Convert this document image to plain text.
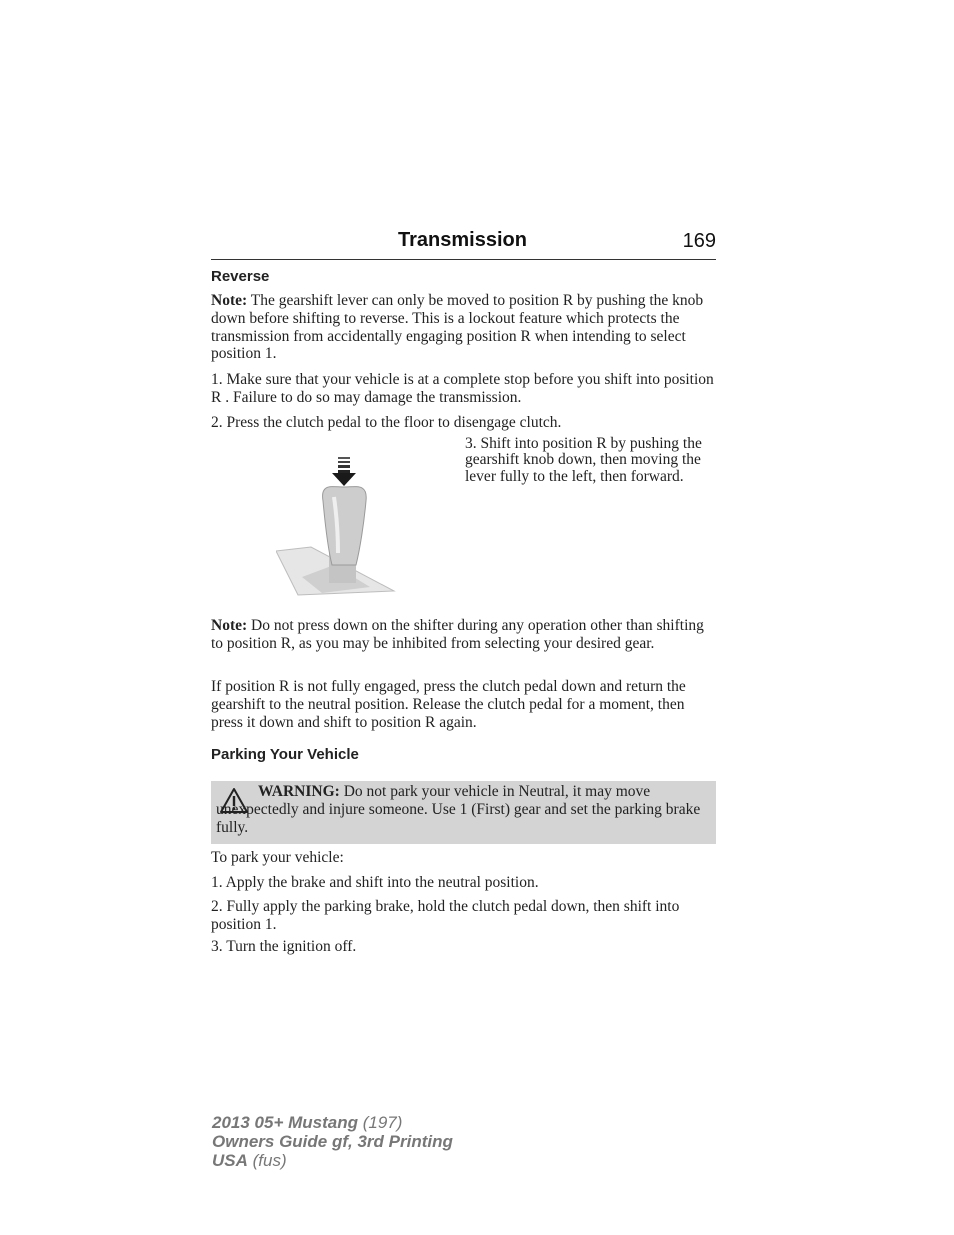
Transmission	169
Reverse
Note: The gearshift lever can only be moved to position R by pushing the knob down before shifting to reverse. This is a lockout feature which protects the transmission from accidentally engaging position R when intending to select position 1.
1. Make sure that your vehicle is at a complete stop before you shift into position R . Failure to do so may damage the transmission.
2. Press the clutch pedal to the floor to disengage clutch.
3. Shift into position R by pushing the gearshift knob down, then moving the lever fully to the left, then forward.
Note: Do not press down on the shifter during any operation other than shifting to position R, as you may be inhibited from selecting your desired gear.
If position R is not fully engaged, press the clutch pedal down and return the gearshift to the neutral position. Release the clutch pedal for a moment, then press it down and shift to position R again.
Parking Your Vehicle
WARNING: Do not park your vehicle in Neutral, it may move unexpectedly and injure someone. Use 1 (First) gear and set the parking brake fully.
To park your vehicle:
1. Apply the brake and shift into the neutral position.
2. Fully apply the parking brake, hold the clutch pedal down, then shift into position 1.
3. Turn the ignition off.
2013 05+ Mustang (197)
Owners Guide gf, 3rd Printing
USA (fus)
